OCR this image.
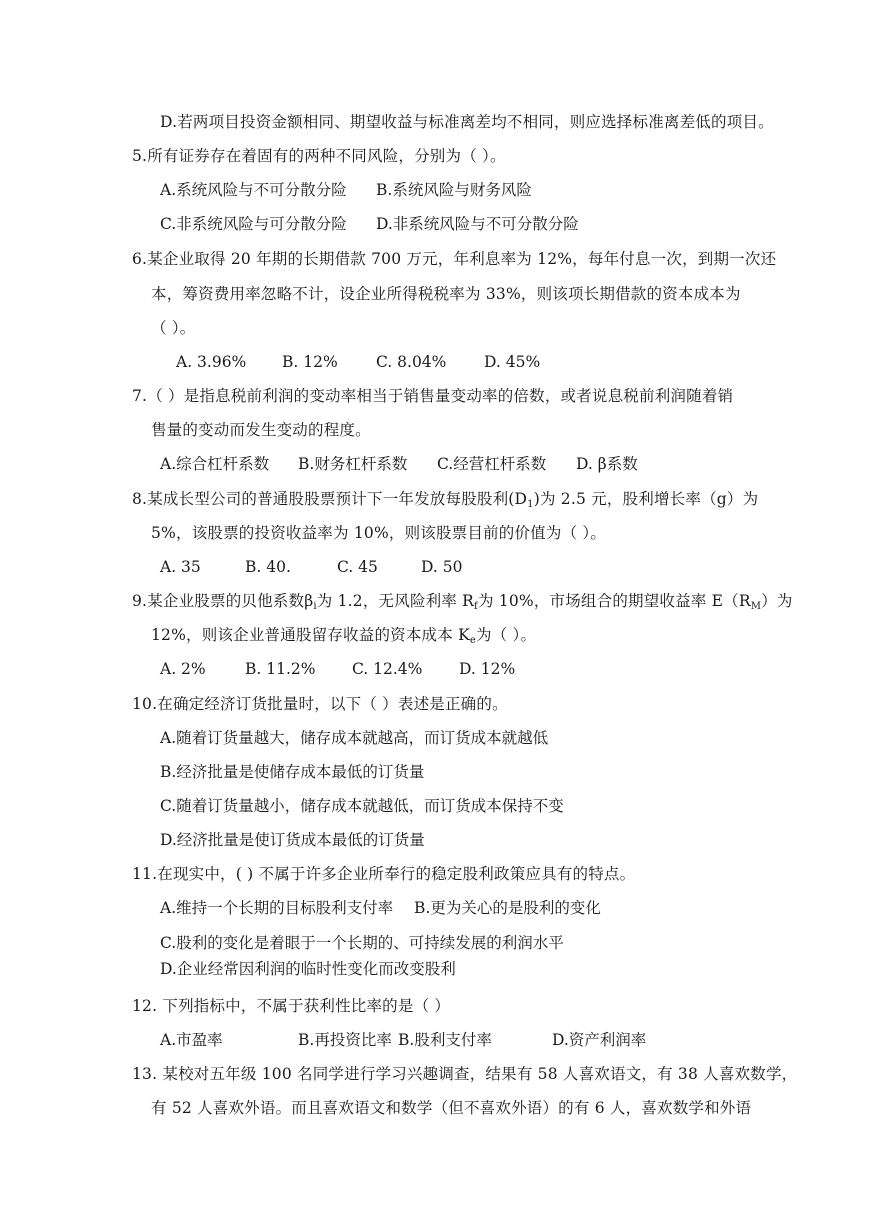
D.若两项目投资金额相同、期望收益与标准离差均不相同，则应选择标准离差低的项目。
5.所有证券存在着固有的两种不同风险，分别为（ ）。
A.系统风险与不可分散分险 B.系统风险与财务风险
C.非系统风险与可分散分险 D.非系统风险与不可分散分险
6.某企业取得 20 年期的长期借款 700 万元，年利息率为 12%，每年付息一次，到期一次还
本，筹资费用率忽略不计，设企业所得税税率为 33%，则该项长期借款的资本成本为
（ ）。
A. 3.96% B. 12% C. 8.04% D. 45%
7.（ ）是指息税前利润的变动率相当于销售量变动率的倍数，或者说息税前利润随着销
售量的变动而发生变动的程度。
A.综合杠杆系数 B.财务杠杆系数 C.经营杠杆系数 D. β系数
8.某成长型公司的普通股股票预计下一年发放每股股利$(D_1)$为 2.5 元，股利增长率（g）为
5%，该股票的投资收益率为 10%，则该股票目前的价值为（ ）。
A. 35	B. 40.	C. 45	D. 50
9.某企业股票的贝他系数$\beta_i$为 1.2，无风险利率 $R_f$为 10%，市场组合的期望收益率 $E(R_M)$为
12%，则该企业普通股留存收益的资本成本 $K_e$为（ ）。
A. 2%	B. 11.2% C. 12.4% D. 12%
10.在确定经济订货批量时，以下（ ）表述是正确的。
A.随着订货量越大，储存成本就越高，而订货成本就越低
B.经济批量是使储存成本最低的订货量
C.随着订货量越小，储存成本就越低，而订货成本保持不变
D.经济批量是使订货成本最低的订货量
11.在现实中，( ) 不属于许多企业所奉行的稳定股利政策应具有的特点。
A.维持一个长期的目标股利支付率 B.更为关心的是股利的变化
C.股利的变化是着眼于一个长期的、可持续发展的利润水平
D.企业经常因利润的临时性变化而改变股利
12. 下列指标中，不属于获利性比率的是（ ）
A.市盈率	B.再投资比率 B.股利支付率	D.资产利润率
13. 某校对五年级 100 名同学进行学习兴趣调查，结果有 58 人喜欢语文，有 38 人喜欢数学，
有 52 人喜欢外语。而且喜欢语文和数学（但不喜欢外语）的有 6 人，喜欢数学和外语
